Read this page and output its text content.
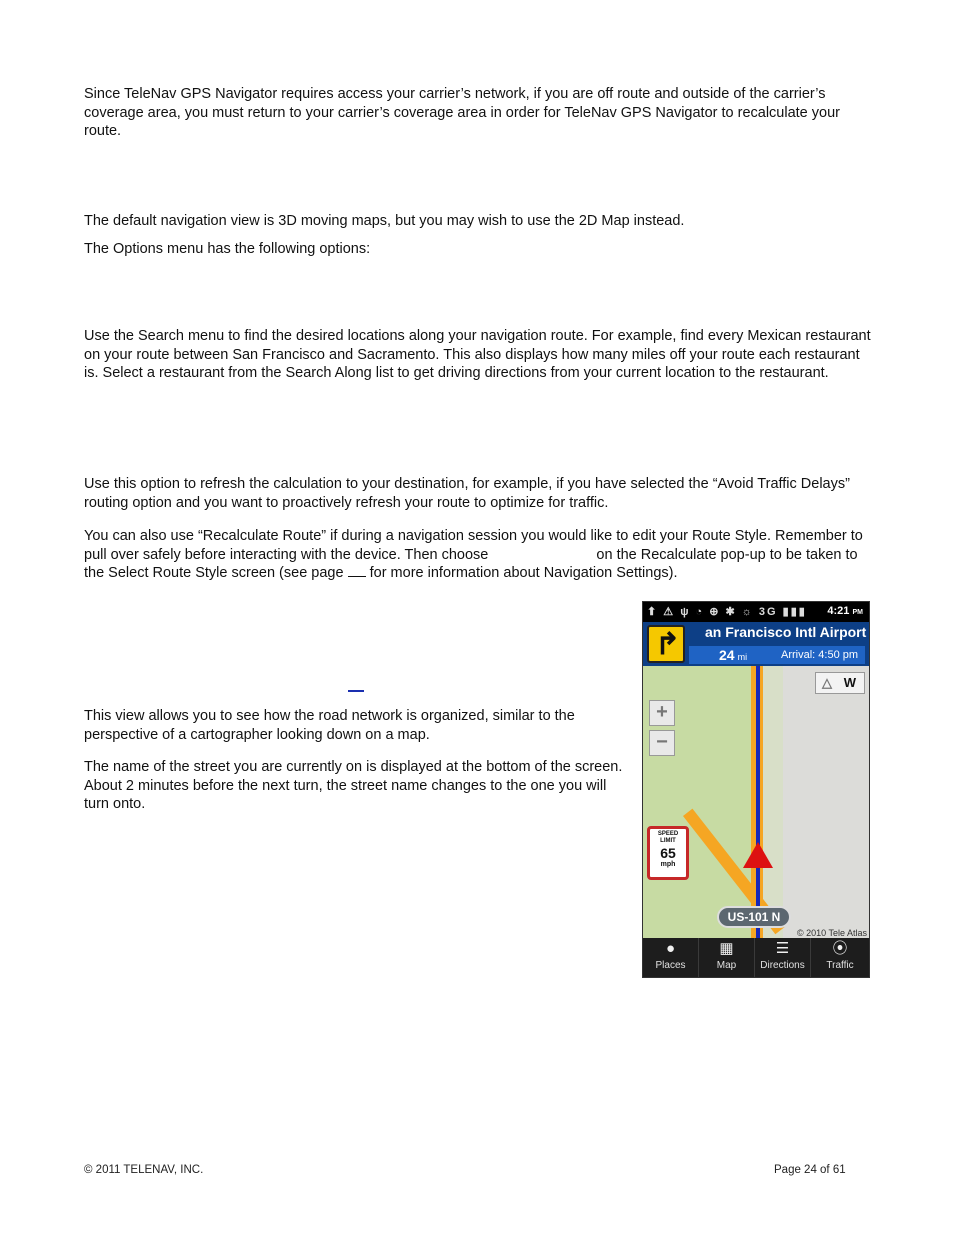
Since TeleNav GPS Navigator requires access your carrier’s network, if you are off route and outside of the carrier’s coverage area, you must return to your carrier’s coverage area in order for TeleNav GPS Navigator to recalculate your route.

The default navigation view is 3D moving maps, but you may wish to use the 2D Map instead.

The Options menu has the following options:

Use the Search menu to find the desired locations along your navigation route. For example, find every Mexican restaurant on your route between San Francisco and Sacramento. This also displays how many miles off your route each restaurant is. Select a restaurant from the Search Along list to get driving directions from your current location to the restaurant.

Use this option to refresh the calculation to your destination, for example, if you have selected the “Avoid Traffic Delays” routing option and you want to proactively refresh your route to optimize for traffic.

You can also use “Recalculate Route” if during a navigation session you would like to edit your Route Style. Remember to pull over safely before interacting with the device. Then choose	on the Recalculate pop-up to be taken to the Select Route Style screen (see page for more information about Navigation Settings).

This view allows you to see how the road network is organized, similar to the perspective of a cartographer looking down on a map.

The name of the street you are currently on is displayed at the bottom of the screen. About 2 minutes before the next turn, the street name changes to the one you will turn onto.

⬆ ⚠ ψ ◔ ⊕ ✱ ☼ 3G ▮▮▮ 4:21 PM
↱ an Francisco Intl Airport
24 mi	Arrival: 4:50 pm
△ W
+
−
SPEED LIMIT
65
mph
US-101 N
© 2010 Tele Atlas
●
Places
▦
Map
☰
Directions
⦿
Traffic
© 2011 TELENAV, INC.	Page 24 of 61
